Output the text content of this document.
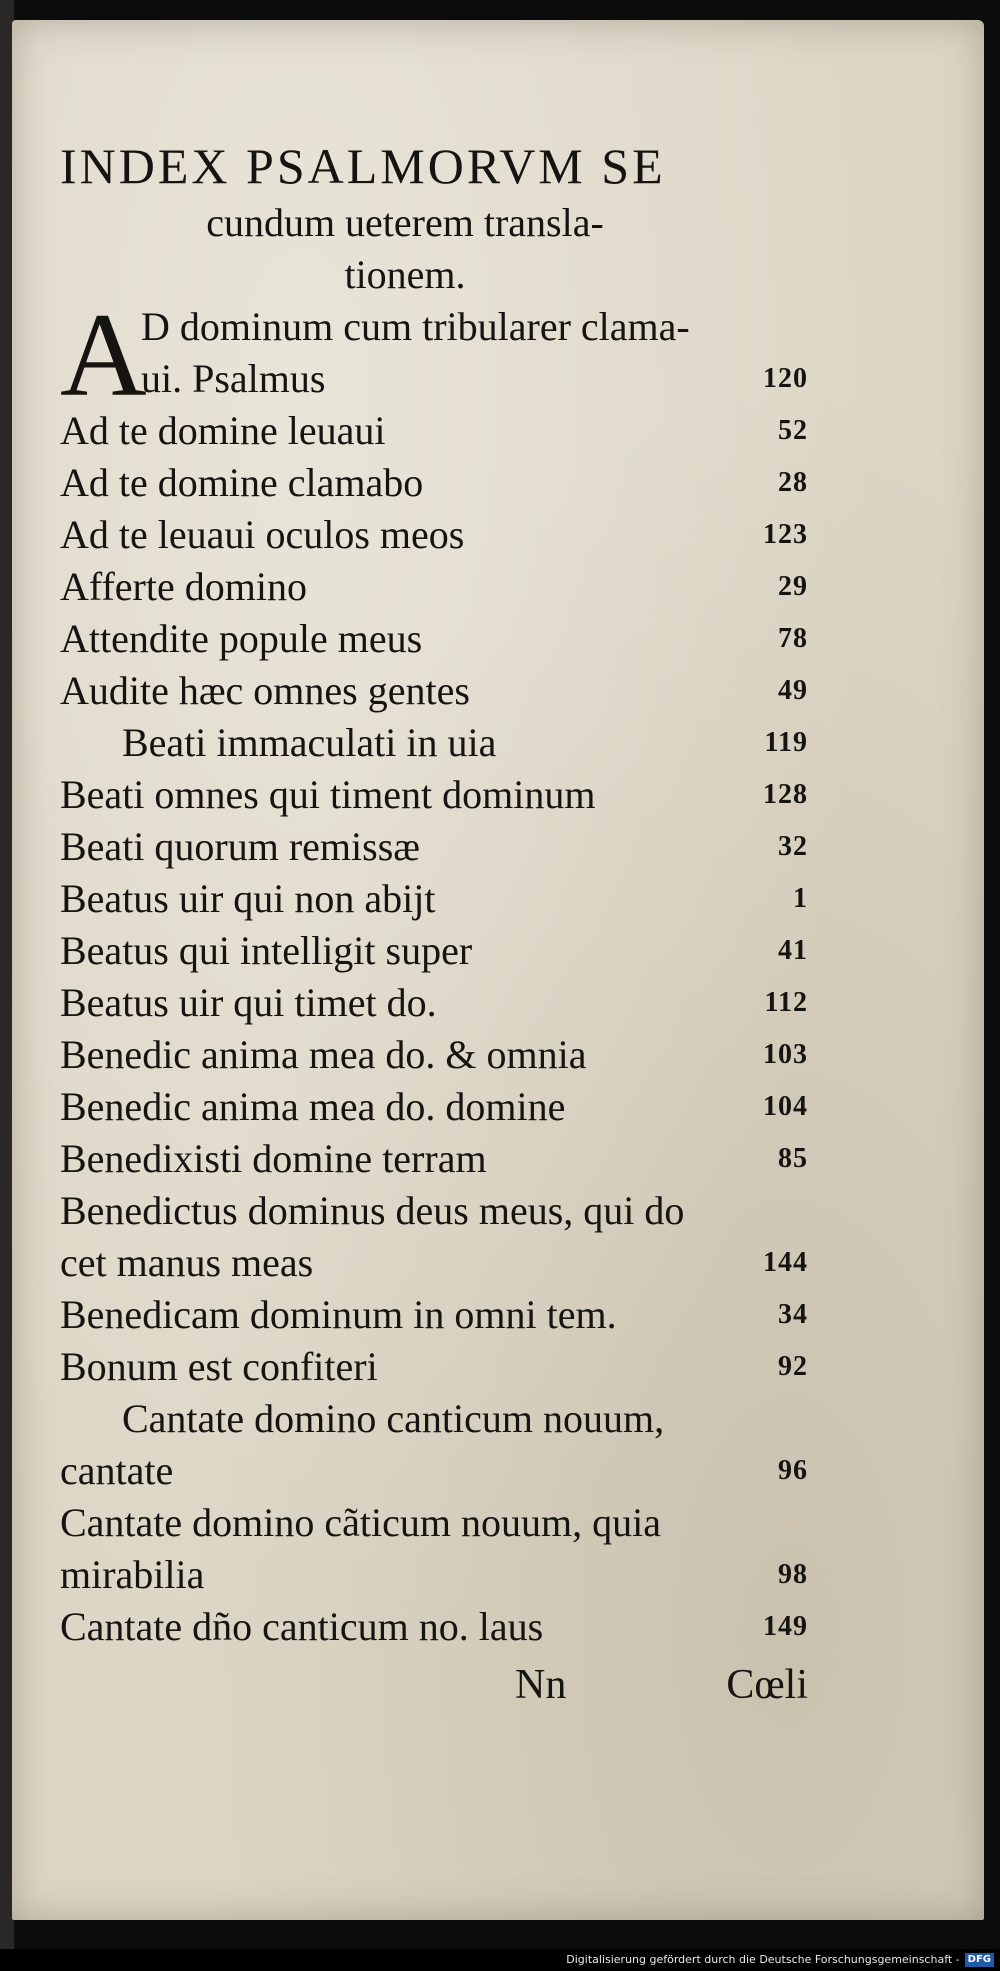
INDEX PSALMORVM SE
cundum ueterem transla-
tionem.
A
D dominum cum tribularer clama-
ui. Psalmus	120
Ad te domine leuaui	52
Ad te domine clamabo	28
Ad te leuaui oculos meos	123
Afferte domino	29
Attendite popule meus	78
Audite hæc omnes gentes	49
Beati immaculati in uia	119
Beati omnes qui timent dominum	128
Beati quorum remissæ	32
Beatus uir qui non abijt	1
Beatus qui intelligit super	41
Beatus uir qui timet do.	112
Benedic anima mea do. & omnia	103
Benedic anima mea do. domine	104
Benedixisti domine terram	85
Benedictus dominus deus meus, qui do
cet manus meas	144
Benedicam dominum in omni tem.	34
Bonum est confiteri	92
Cantate domino canticum nouum,
cantate	96
Cantate domino cãticum nouum, quia
mirabilia	98
Cantate dño canticum no. laus	149
Nn	Cœli
Digitalisierung gefördert durch die Deutsche Forschungsgemeinschaft - DFG
